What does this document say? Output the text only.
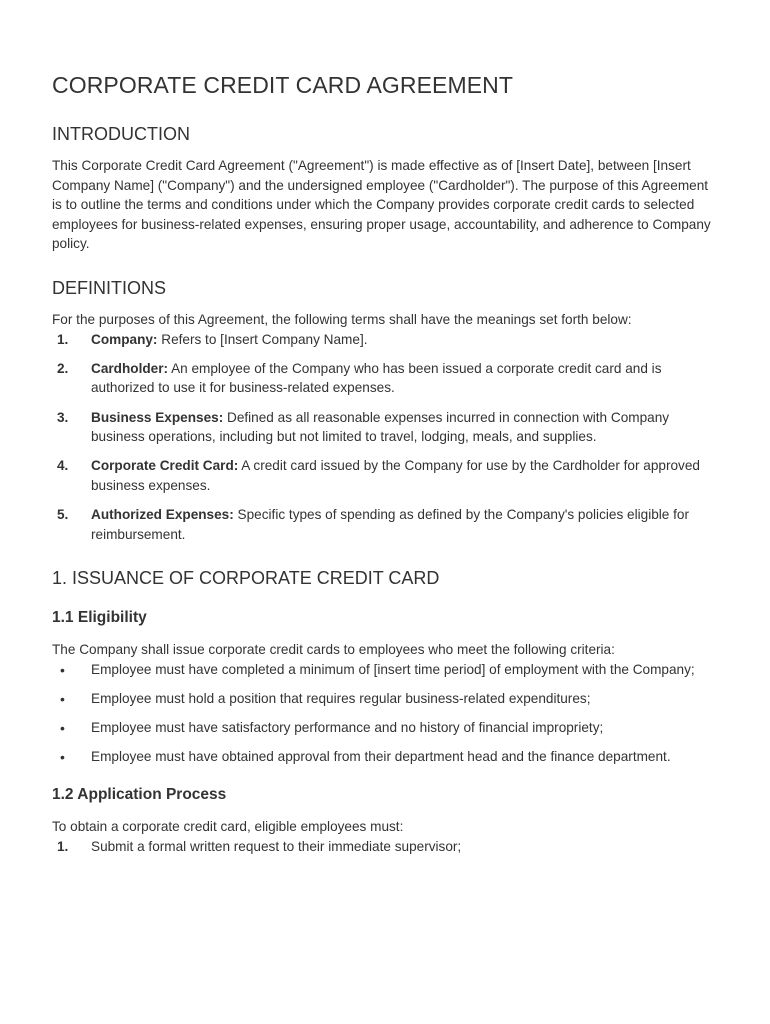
CORPORATE CREDIT CARD AGREEMENT
INTRODUCTION

This Corporate Credit Card Agreement ("Agreement") is made effective as of [Insert Date], between [Insert Company Name] ("Company") and the undersigned employee ("Cardholder"). The purpose of this Agreement is to outline the terms and conditions under which the Company provides corporate credit cards to selected employees for business-related expenses, ensuring proper usage, accountability, and adherence to Company policy.

DEFINITIONS

For the purposes of this Agreement, the following terms shall have the meanings set forth below:

1. Company: Refers to [Insert Company Name].
2. Cardholder: An employee of the Company who has been issued a corporate credit card and is authorized to use it for business-related expenses.
3. Business Expenses: Defined as all reasonable expenses incurred in connection with Company business operations, including but not limited to travel, lodging, meals, and supplies.
4. Corporate Credit Card: A credit card issued by the Company for use by the Cardholder for approved business expenses.
5. Authorized Expenses: Specific types of spending as defined by the Company's policies eligible for reimbursement.
1. ISSUANCE OF CORPORATE CREDIT CARD
1.1 Eligibility

The Company shall issue corporate credit cards to employees who meet the following criteria:

• Employee must have completed a minimum of [insert time period] of employment with the Company;
• Employee must hold a position that requires regular business-related expenditures;
• Employee must have satisfactory performance and no history of financial impropriety;
• Employee must have obtained approval from their department head and the finance department.
1.2 Application Process

To obtain a corporate credit card, eligible employees must:

1. Submit a formal written request to their immediate supervisor;
